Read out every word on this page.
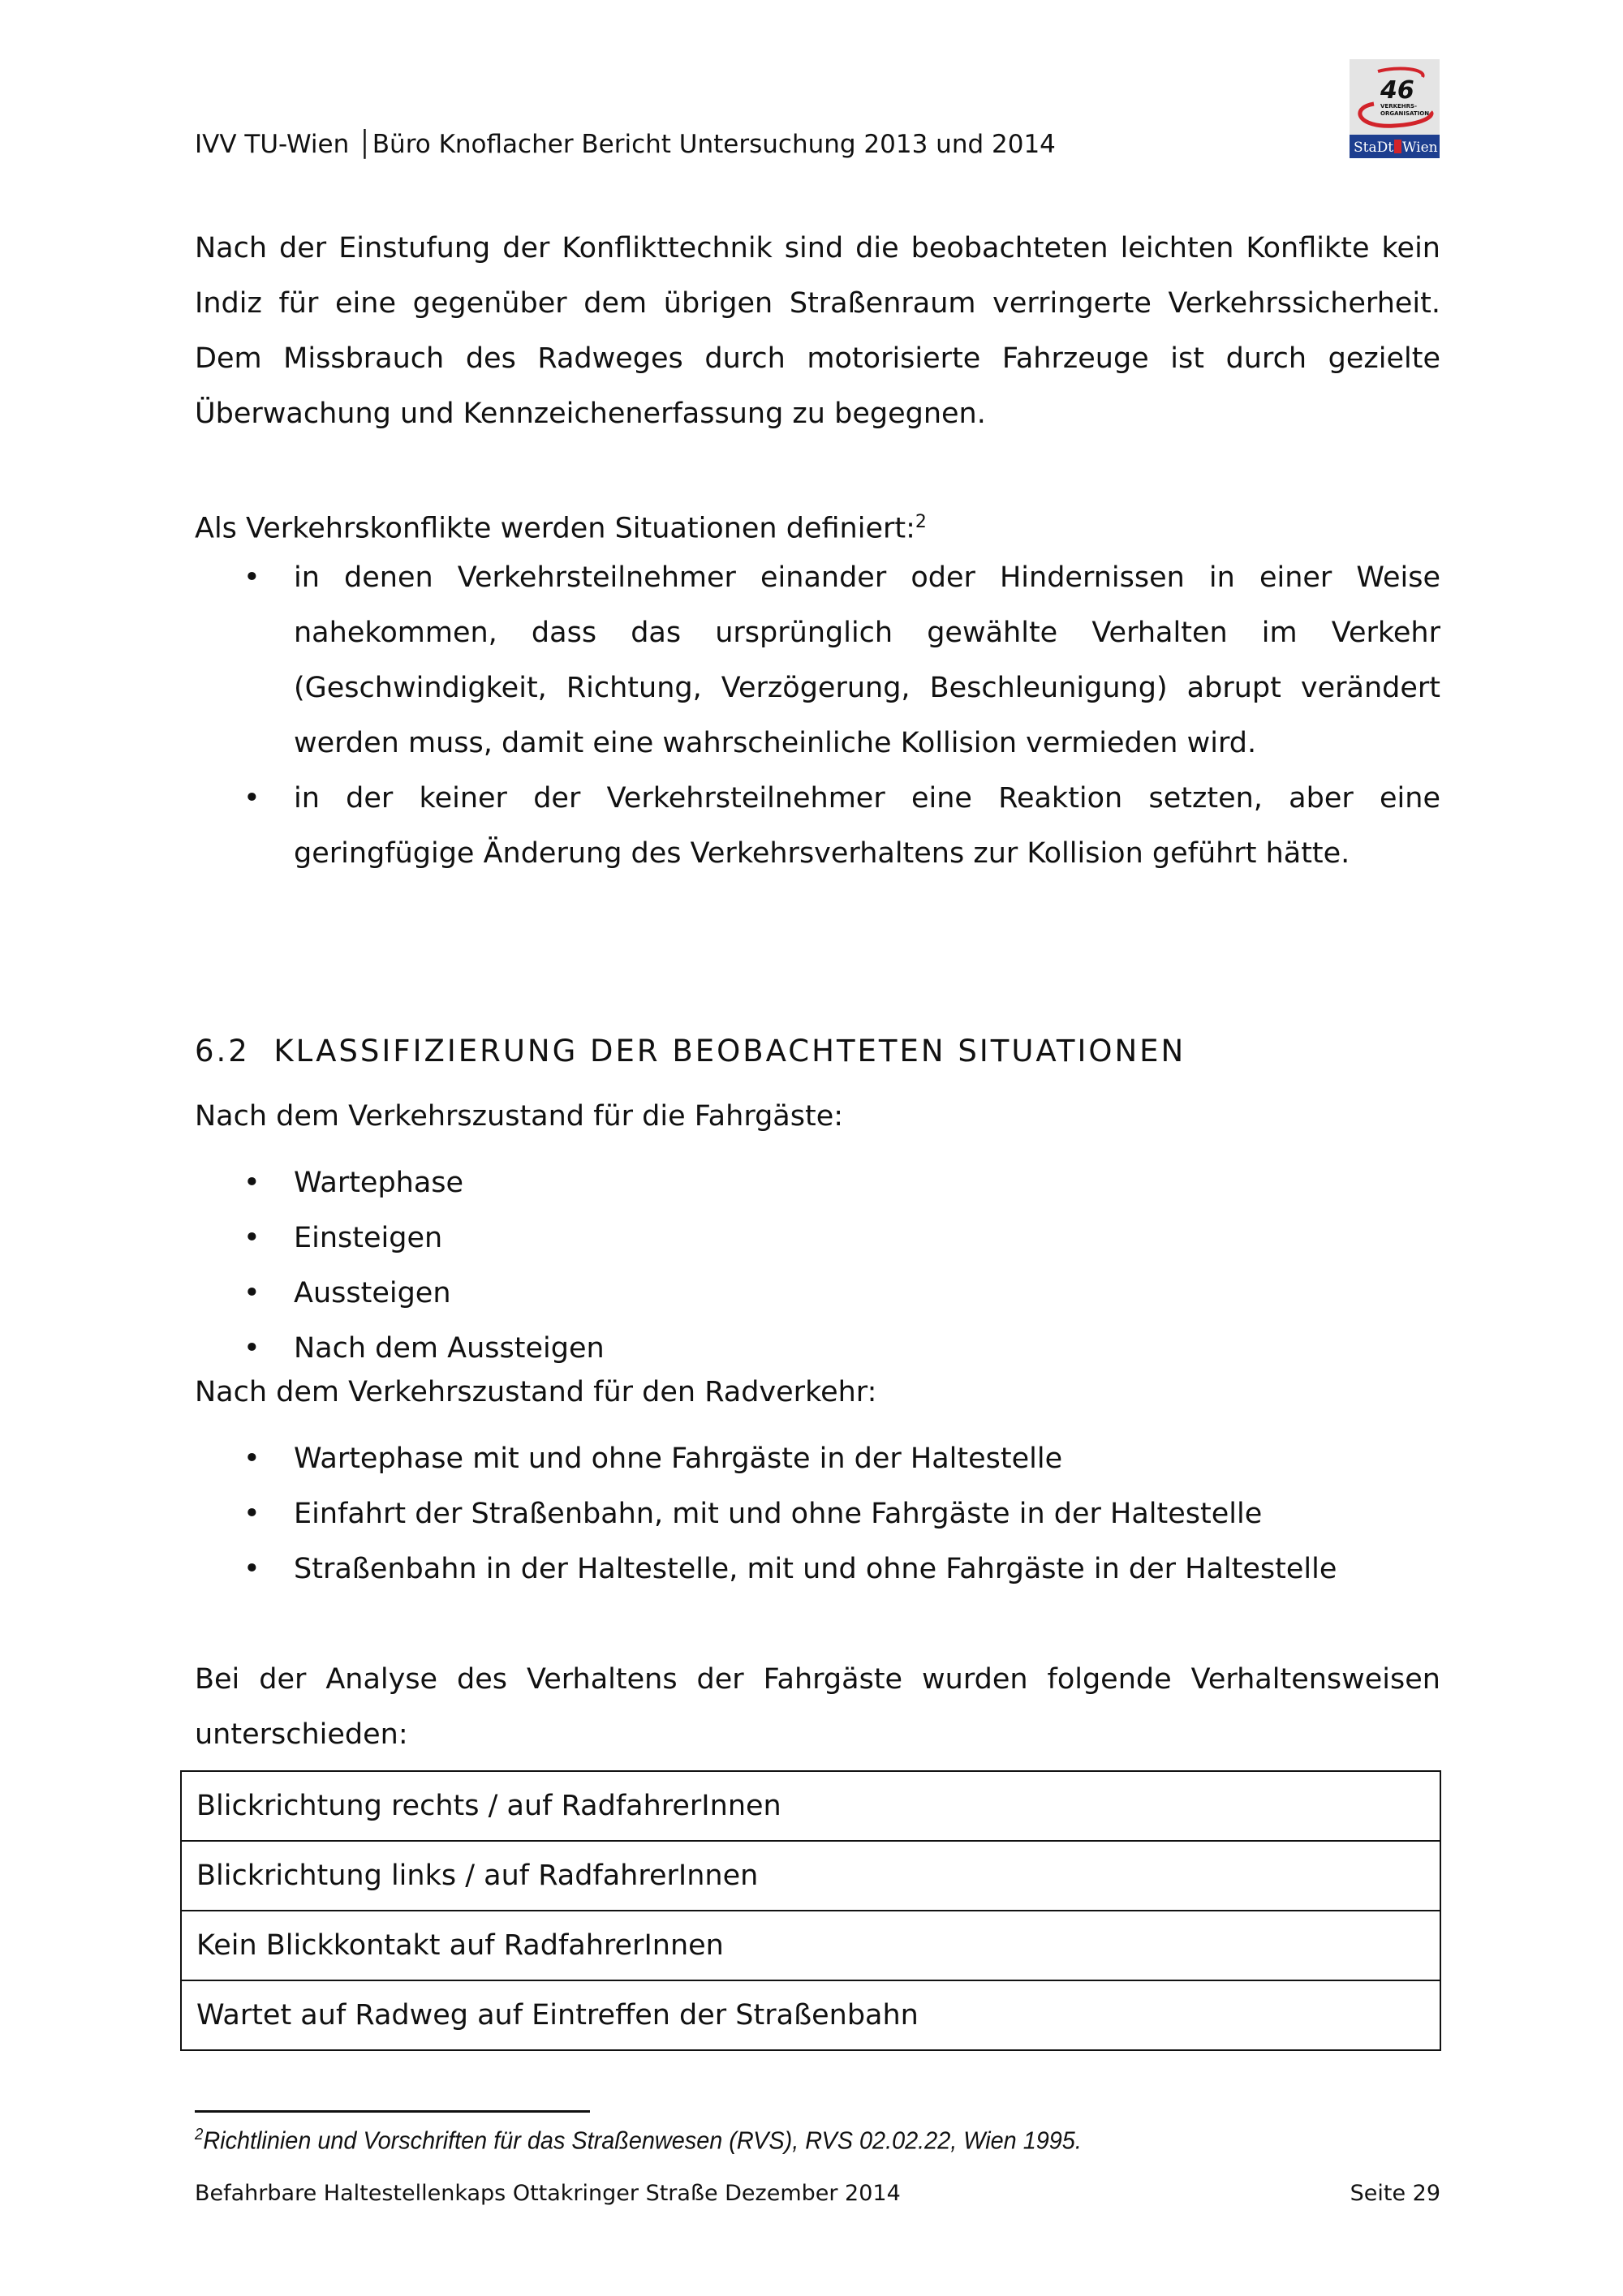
IVV TU-Wien │Büro Knoflacher Bericht Untersuchung 2013 und 2014
46
VERKEHRS-
ORGANISATION
StaDt Wien
Nach der Einstufung der Konflikttechnik sind die beobachteten leichten Konflikte kein Indiz für eine gegenüber dem übrigen Straßenraum verringerte Verkehrssicherheit. Dem Missbrauch des Radweges durch motorisierte Fahrzeuge ist durch gezielte Überwachung und Kennzeichenerfassung zu begegnen.
Als Verkehrskonflikte werden Situationen definiert:$^2$
• in denen Verkehrsteilnehmer einander oder Hindernissen in einer Weise nahekommen, dass das ursprünglich gewählte Verhalten im Verkehr (Geschwindigkeit, Richtung, Verzögerung, Beschleunigung) abrupt verändert werden muss, damit eine wahrscheinliche Kollision vermieden wird.
• in der keiner der Verkehrsteilnehmer eine Reaktion setzten, aber eine geringfügige Änderung des Verkehrsverhaltens zur Kollision geführt hätte.
6.2  KLASSIFIZIERUNG DER BEOBACHTETEN SITUATIONEN
Nach dem Verkehrszustand für die Fahrgäste:
• Wartephase
• Einsteigen
• Aussteigen
• Nach dem Aussteigen
Nach dem Verkehrszustand für den Radverkehr:
• Wartephase mit und ohne Fahrgäste in der Haltestelle
• Einfahrt der Straßenbahn, mit und ohne Fahrgäste in der Haltestelle
• Straßenbahn in der Haltestelle, mit und ohne Fahrgäste in der Haltestelle
Bei der Analyse des Verhaltens der Fahrgäste wurden folgende Verhaltensweisen unterschieden:
Blickrichtung rechts / auf RadfahrerInnen
Blickrichtung links / auf RadfahrerInnen
Kein Blickkontakt auf RadfahrerInnen
Wartet auf Radweg auf Eintreffen der Straßenbahn
$^2$Richtlinien und Vorschriften für das Straßenwesen (RVS), RVS 02.02.22, Wien 1995.
Befahrbare Haltestellenkaps Ottakringer Straße Dezember 2014	Seite 29
